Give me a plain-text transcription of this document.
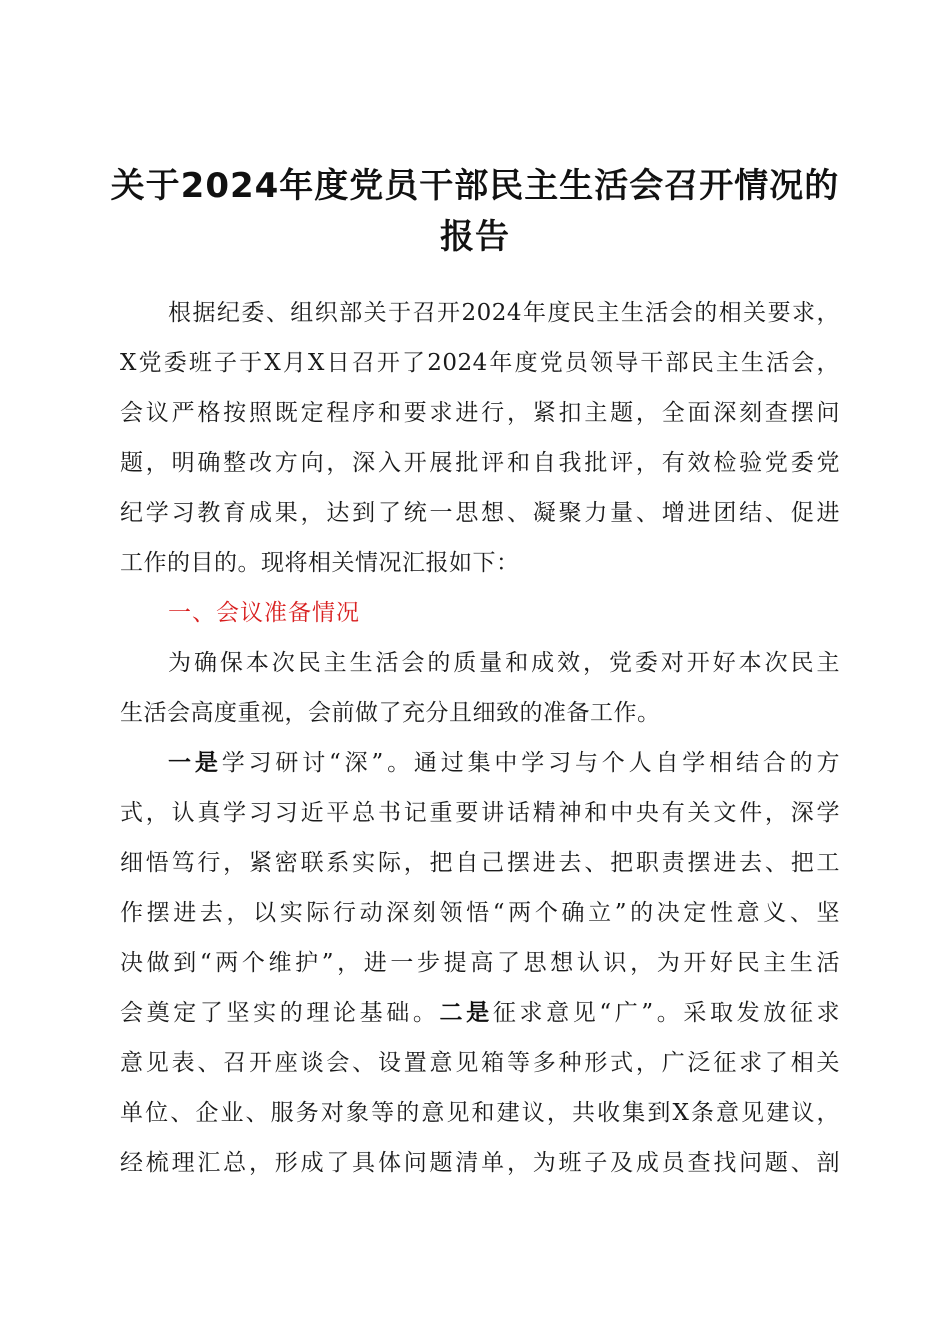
关于2024年度党员干部民主生活会召开情况的
报告
根据纪委、组织部关于召开2024年度民主生活会的相关要求，
X党委班子于X月X日召开了2024年度党员领导干部民主生活会，
会议严格按照既定程序和要求进行，紧扣主题，全面深刻查摆问
题，明确整改方向，深入开展批评和自我批评，有效检验党委党
纪学习教育成果，达到了统一思想、凝聚力量、增进团结、促进
工作的目的。现将相关情况汇报如下：
一、会议准备情况
为确保本次民主生活会的质量和成效，党委对开好本次民主
生活会高度重视，会前做了充分且细致的准备工作。
一是学习研讨“深”。通过集中学习与个人自学相结合的方
式，认真学习习近平总书记重要讲话精神和中央有关文件，深学
细悟笃行，紧密联系实际，把自己摆进去、把职责摆进去、把工
作摆进去，以实际行动深刻领悟“两个确立”的决定性意义、坚
决做到“两个维护”，进一步提高了思想认识，为开好民主生活
会奠定了坚实的理论基础。二是征求意见“广”。采取发放征求
意见表、召开座谈会、设置意见箱等多种形式，广泛征求了相关
单位、企业、服务对象等的意见和建议，共收集到X条意见建议，
经梳理汇总，形成了具体问题清单，为班子及成员查找问题、剖
